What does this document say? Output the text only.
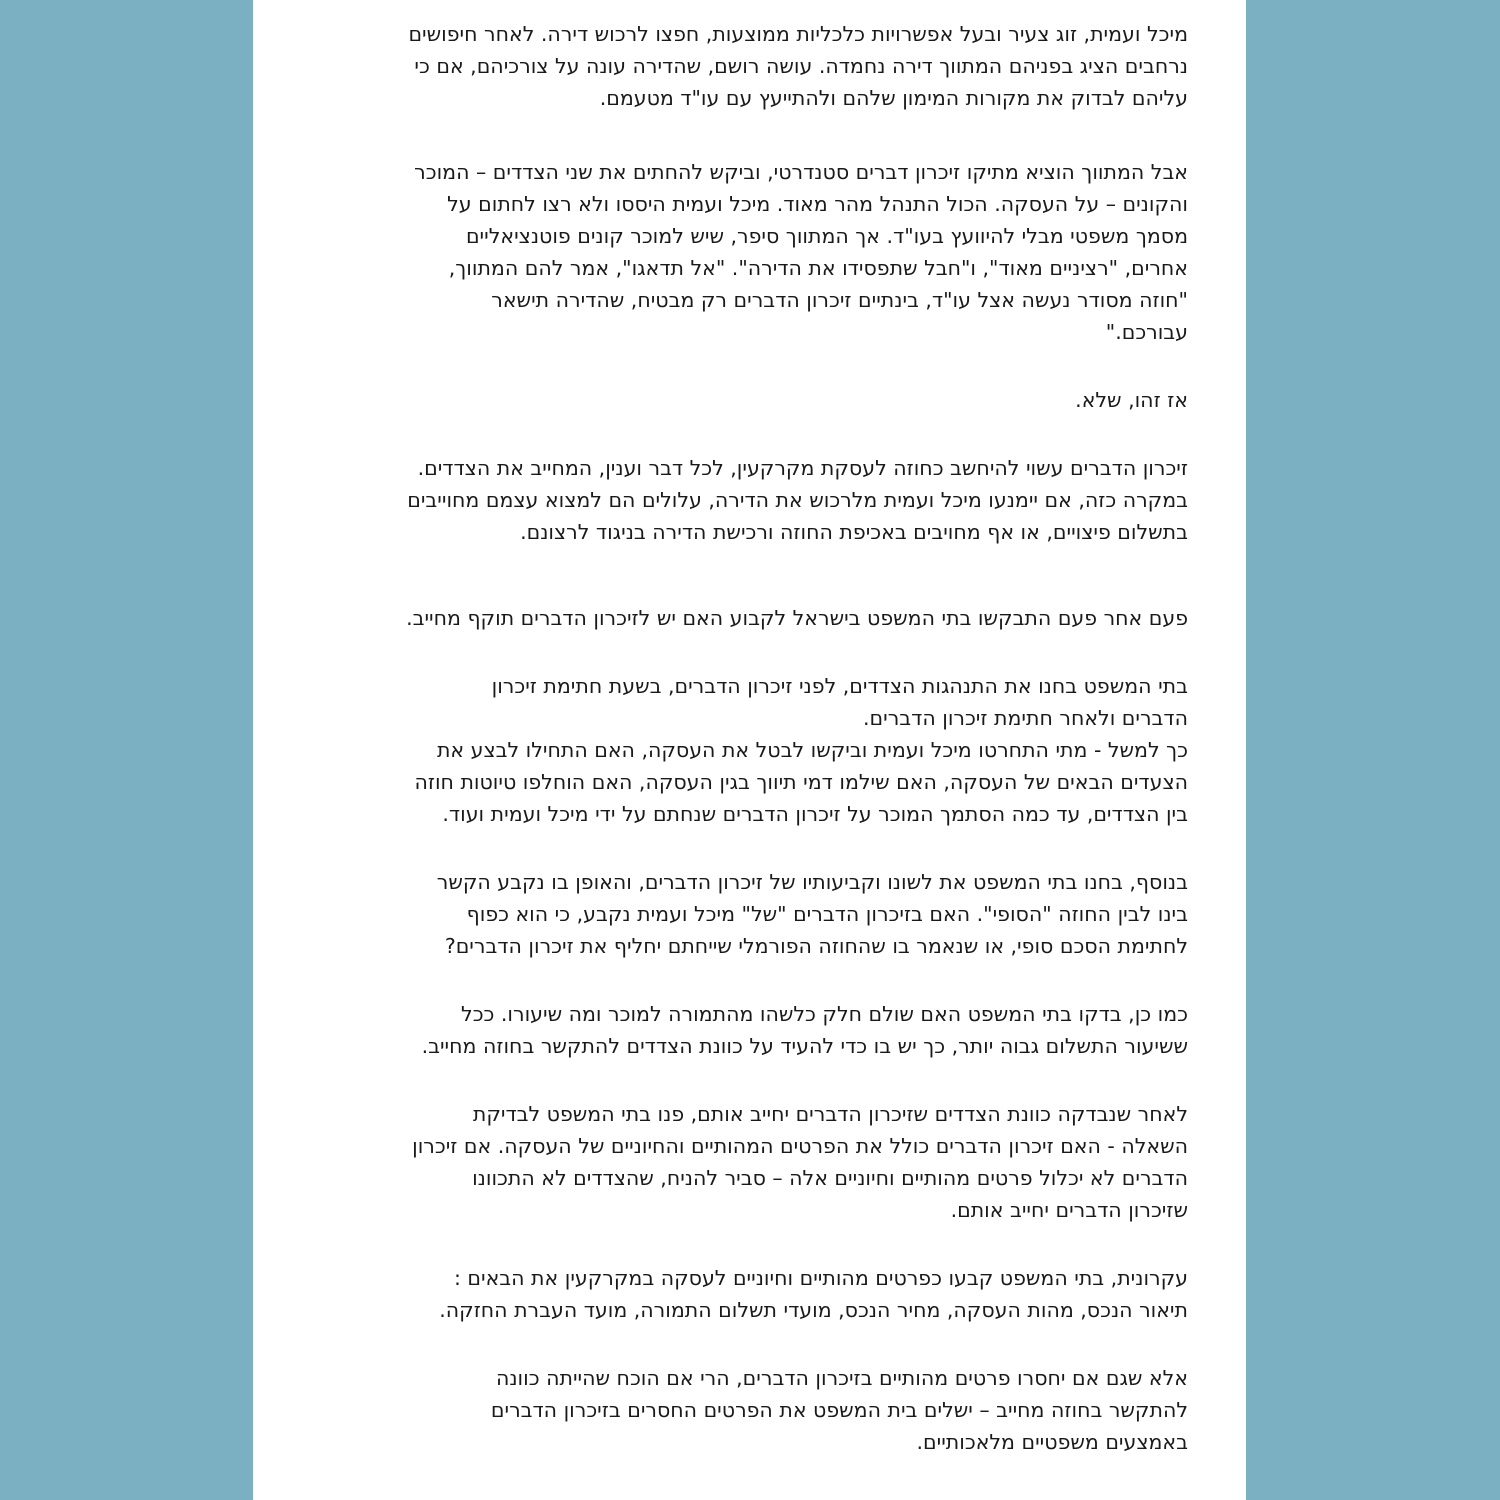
מיכל ועמית, זוג צעיר ובעל אפשרויות כלכליות ממוצעות, חפצו לרכוש דירה. לאחר חיפושים
נרחבים הציג בפניהם המתווך דירה נחמדה. עושה רושם, שהדירה עונה על צורכיהם, אם כי
עליהם לבדוק את מקורות המימון שלהם ולהתייעץ עם עו"ד מטעמם.

אבל המתווך הוציא מתיקו זיכרון דברים סטנדרטי, וביקש להחתים את שני הצדדים – המוכר
והקונים – על העסקה. הכול התנהל מהר מאוד. מיכל ועמית היססו ולא רצו לחתום על
מסמך משפטי מבלי להיוועץ בעו"ד. אך המתווך סיפר, שיש למוכר קונים פוטנציאליים
אחרים, "רציניים מאוד", ו"חבל שתפסידו את הדירה". "אל תדאגו", אמר להם המתווך,
"חוזה מסודר נעשה אצל עו"ד, בינתיים זיכרון הדברים רק מבטיח, שהדירה תישאר
עבורכם."

אז זהו, שלא.

זיכרון הדברים עשוי להיחשב כחוזה לעסקת מקרקעין, לכל דבר וענין, המחייב את הצדדים.
במקרה כזה, אם יימנעו מיכל ועמית מלרכוש את הדירה, עלולים הם למצוא עצמם מחוייבים
בתשלום פיצויים, או אף מחויבים באכיפת החוזה ורכישת הדירה בניגוד לרצונם.

פעם אחר פעם התבקשו בתי המשפט בישראל לקבוע האם יש לזיכרון הדברים תוקף מחייב.

בתי המשפט בחנו את התנהגות הצדדים, לפני זיכרון הדברים, בשעת חתימת זיכרון
הדברים ולאחר חתימת זיכרון הדברים.
כך למשל - מתי התחרטו מיכל ועמית וביקשו לבטל את העסקה, האם התחילו לבצע את
הצעדים הבאים של העסקה, האם שילמו דמי תיווך בגין העסקה, האם הוחלפו טיוטות חוזה
בין הצדדים, עד כמה הסתמך המוכר על זיכרון הדברים שנחתם על ידי מיכל ועמית ועוד.

בנוסף, בחנו בתי המשפט את לשונו וקביעותיו של זיכרון הדברים, והאופן בו נקבע הקשר
בינו לבין החוזה "הסופי". האם בזיכרון הדברים "של" מיכל ועמית נקבע, כי הוא כפוף
לחתימת הסכם סופי, או שנאמר בו שהחוזה הפורמלי שייחתם יחליף את זיכרון הדברים?

כמו כן, בדקו בתי המשפט האם שולם חלק כלשהו מהתמורה למוכר ומה שיעורו. ככל
ששיעור התשלום גבוה יותר, כך יש בו כדי להעיד על כוונת הצדדים להתקשר בחוזה מחייב.

לאחר שנבדקה כוונת הצדדים שזיכרון הדברים יחייב אותם, פנו בתי המשפט לבדיקת
השאלה - האם זיכרון הדברים כולל את הפרטים המהותיים והחיוניים של העסקה. אם זיכרון
הדברים לא יכלול פרטים מהותיים וחיוניים אלה – סביר להניח, שהצדדים לא התכוונו
שזיכרון הדברים יחייב אותם.

עקרונית, בתי המשפט קבעו כפרטים מהותיים וחיוניים לעסקה במקרקעין את הבאים :
תיאור הנכס, מהות העסקה, מחיר הנכס, מועדי תשלום התמורה, מועד העברת החזקה.

אלא שגם אם יחסרו פרטים מהותיים בזיכרון הדברים, הרי אם הוכח שהייתה כוונה
להתקשר בחוזה מחייב – ישלים בית המשפט את הפרטים החסרים בזיכרון הדברים
באמצעים משפטיים מלאכותיים.
